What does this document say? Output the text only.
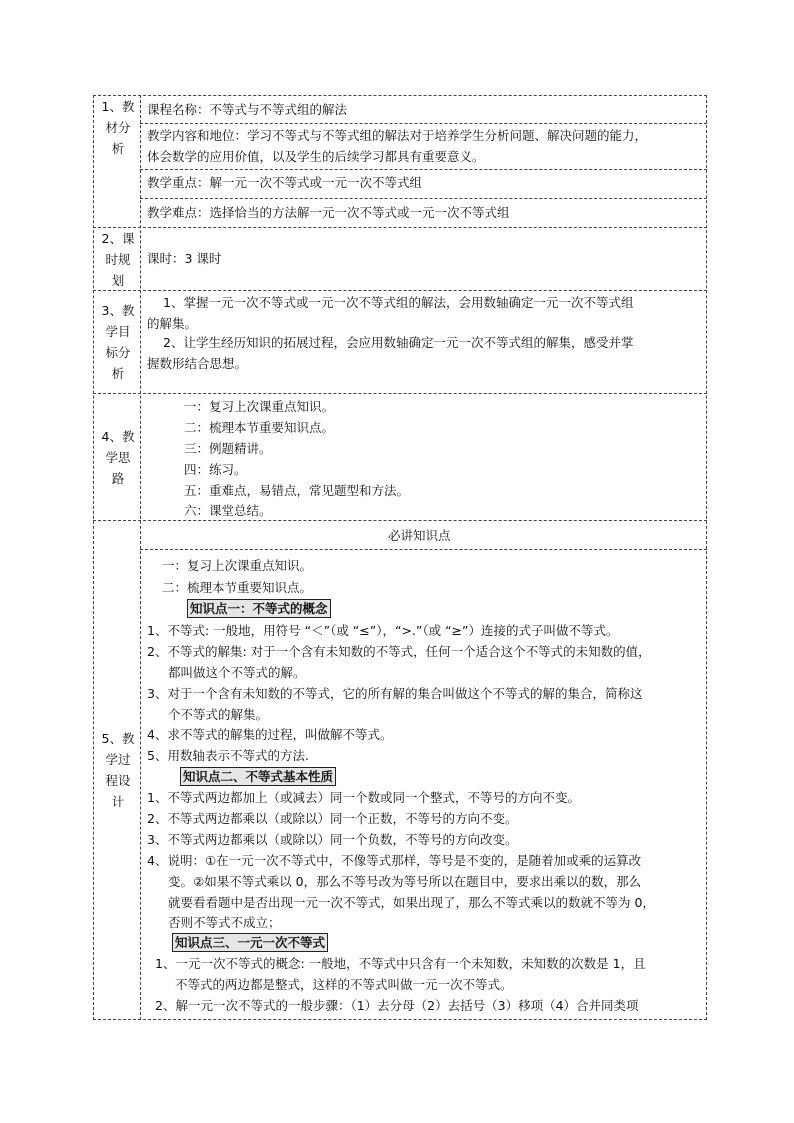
1、教
材分
析
课程名称：不等式与不等式组的解法
教学内容和地位：学习不等式与不等式组的解法对于培养学生分析问题、解决问题的能力，
体会数学的应用价值，以及学生的后续学习都具有重要意义。
教学重点：解一元一次不等式或一元一次不等式组
教学难点：选择恰当的方法解一元一次不等式或一元一次不等式组
2、课
时规
划
课时：3 课时
3、教
学目
标分
析
1、掌握一元一次不等式或一元一次不等式组的解法，会用数轴确定一元一次不等式组
的解集。
2、让学生经历知识的拓展过程，会应用数轴确定一元一次不等式组的解集，感受并掌
握数形结合思想。
4、教
学思
路
一：复习上次课重点知识。
二：梳理本节重要知识点。
三：例题精讲。
四：练习。
五：重难点，易错点，常见题型和方法。
六：课堂总结。
5、教
学过
程设
计
必讲知识点
一：复习上次课重点知识。
二：梳理本节重要知识点。
知识点一：不等式的概念
1、不等式: 一般地，用符号 “＜”（或 “≤”），“>.”（或 “≥”）连接的式子叫做不等式。
2、不等式的解集: 对于一个含有未知数的不等式，任何一个适合这个不等式的未知数的值，
都叫做这个不等式的解。
3、对于一个含有未知数的不等式，它的所有解的集合叫做这个不等式的解的集合，简称这
个不等式的解集。
4、求不等式的解集的过程，叫做解不等式。
5、用数轴表示不等式的方法.
知识点二、不等式基本性质
1、不等式两边都加上（或减去）同一个数或同一个整式，不等号的方向不变。
2、不等式两边都乘以（或除以）同一个正数，不等号的方向不变。
3、不等式两边都乘以（或除以）同一个负数，不等号的方向改变。
4、说明：①在一元一次不等式中，不像等式那样，等号是不变的，是随着加或乘的运算改
变。②如果不等式乘以 0，那么不等号改为等号所以在题目中，要求出乘以的数，那么
就要看看题中是否出现一元一次不等式，如果出现了，那么不等式乘以的数就不等为 0，
否则不等式不成立；
知识点三、一元一次不等式
1、一元一次不等式的概念: 一般地，不等式中只含有一个未知数，未知数的次数是 1，且
不等式的两边都是整式，这样的不等式叫做一元一次不等式。
2、解一元一次不等式的一般步骤：（1）去分母（2）去括号（3）移项（4）合并同类项
